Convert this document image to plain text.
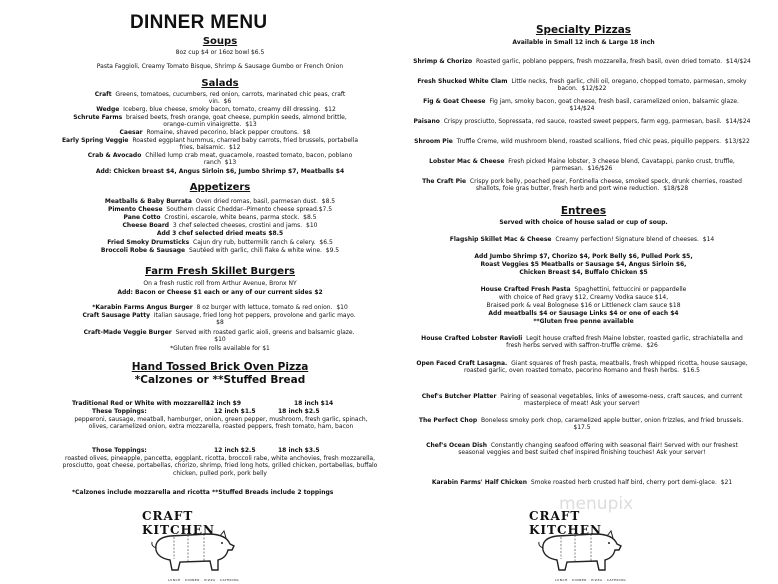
DINNER MENU
Soups
8oz cup $4 or 16oz bowl $6.5
Pasta Faggioli, Creamy Tomato Bisque, Shrimp & Sausage Gumbo or French Onion
Salads
Craft Greens, tomatoes, cucumbers, red onion, carrots, marinated chic peas, craft vin. $6
Wedge Iceberg, blue cheese, smoky bacon, tomato, creamy dill dressing. $12
Schrute Farms braised beets, fresh orange, goat cheese, pumpkin seeds, almond brittle, orange-cumin vinaigrette. $13
Caesar Romaine, shaved pecorino, black pepper croutons. $8
Early Spring Veggie Roasted eggplant hummus, charred baby carrots, fried brussels, portabella fries, balsamic. $12
Crab & Avocado Chilled lump crab meat, guacamole, roasted tomato, bacon, poblano ranch $13
Add: Chicken breast $4, Angus Sirloin $6, Jumbo Shrimp $7, Meatballs $4
Appetizers
Meatballs & Baby Burrata Oven dried romas, basil, parmesan dust. $8.5
Pimento Cheese Southern classic Cheddar--Pimento cheese spread.$7.5
Pane Cotto Crostini, escarole, white beans, parma stock. $8.5
Cheese Board 3 chef selected cheeses, crostini and jams. $10
Add 3 chef selected dried meats $8.5
Fried Smoky Drumsticks Cajun dry rub, buttermilk ranch & celery. $6.5
Broccoli Robe & Sausage Sautéed with garlic, chili flake & white wine. $9.5
Farm Fresh Skillet Burgers
On a fresh rustic roll from Arthur Avenue, Bronx NY
Add: Bacon or Cheese $1 each or any of our current sides $2
*Karabin Farms Angus Burger 8 oz burger with lettuce, tomato & red onion. $10
Craft Sausage Patty Italian sausage, fried long hot peppers, provolone and garlic mayo.  $8
Craft-Made Veggie Burger Served with roasted garlic aioli, greens and balsamic glaze.  $10
*Gluten free rolls available for $1
Hand Tossed Brick Oven Pizza
*Calzones or **Stuffed Bread
Traditional Red or White with mozzarella
12 inch $9	18 inch $14
These Toppings:	12 inch $1.5	18 inch $2.5
pepperoni, sausage, meatball, hamburger, onion, green pepper, mushroom, fresh garlic, spinach, olives, caramelized onion, extra mozzarella, roasted peppers, fresh tomato, ham, bacon
Those Toppings:	12 inch $2.5	18 inch $3.5
roasted olives, pineapple, pancetta, eggplant, ricotta, broccoli rabe, white anchovies, fresh mozzarella, prosciutto, goat cheese, portabellas, chorizo, shrimp, fried long hots, grilled chicken, portabellas, buffalo chicken, pulled pork, pork belly
*Calzones include mozzarella and ricotta **Stuffed Breads include 2 toppings
CRAFT KITCHEN
LUNCH · DINNER · PIZZA · CATERING
Specialty Pizzas
Available in Small 12 inch & Large 18 inch
Shrimp & Chorizo Roasted garlic, poblano peppers, fresh mozzarella, fresh basil, oven dried tomato. $14/$24
Fresh Shucked White Clam Little necks, fresh garlic, chili oil, oregano, chopped tomato, parmesan, smoky bacon. $12/$22
Fig & Goat Cheese Fig jam, smoky bacon, goat cheese, fresh basil, caramelized onion, balsamic glaze.  $14/$24
Paisano Crispy prosciutto, Sopressata, red sauce, roasted sweet peppers, farm egg, parmesan, basil. $14/$24
Shroom Pie Truffle Creme, wild mushroom blend, roasted scallions, fried chic peas, piquillo peppers. $13/$22
Lobster Mac & Cheese Fresh picked Maine lobster, 3 cheese blend, Cavatappi, panko crust, truffle, parmesan. $16/$26
The Craft Pie Crispy pork belly, poached pear, Fontinella cheese, smoked speck, drunk cherries, roasted shallots, foie gras butter, fresh herb and port wine reduction. $18/$28
Entrees
Served with choice of house salad or cup of soup.
Flagship Skillet Mac & Cheese Creamy perfection! Signature blend of cheeses. $14
Add Jumbo Shrimp $7, Chorizo $4, Pork Belly $6, Pulled Pork $5,
Roast Veggies $5 Meatballs or Sausage $4, Angus Sirloin $6,
Chicken Breast $4, Buffalo Chicken $5
House Crafted Fresh Pasta Spaghettini, fettuccini or pappardelle
with choice of Red gravy $12, Creamy Vodka sauce $14,
Braised pork & veal Bolognese $16 or Littleneck clam sauce $18
Add meatballs $4 or Sausage Links $4 or one of each $4
**Gluten free penne available
House Crafted Lobster Ravioli Legit house crafted fresh Maine lobster, roasted garlic, strachiatella and fresh herbs served with saffron-truffle crème. $26
Open Faced Craft Lasagna. Giant squares of fresh pasta, meatballs, fresh whipped ricotta, house sausage, roasted garlic, oven roasted tomato, pecorino Romano and fresh herbs. $16.5
Chef's Butcher Platter Pairing of seasonal vegetables, links of awesome-ness, craft sauces, and current masterpiece of meat! Ask your server!
The Perfect Chop Boneless smoky pork chop, caramelized apple butter, onion frizzles, and fried brussels.  $17.5
Chef's Ocean Dish Constantly changing seafood offering with seasonal flair! Served with our freshest seasonal veggies and best suited chef inspired finishing touches! Ask your server!
Karabin Farms' Half Chicken Smoke roasted herb crusted half bird, cherry port demi-glace. $21
menupix
CRAFT KITCHEN
LUNCH · DINNER · PIZZA · CATERING
